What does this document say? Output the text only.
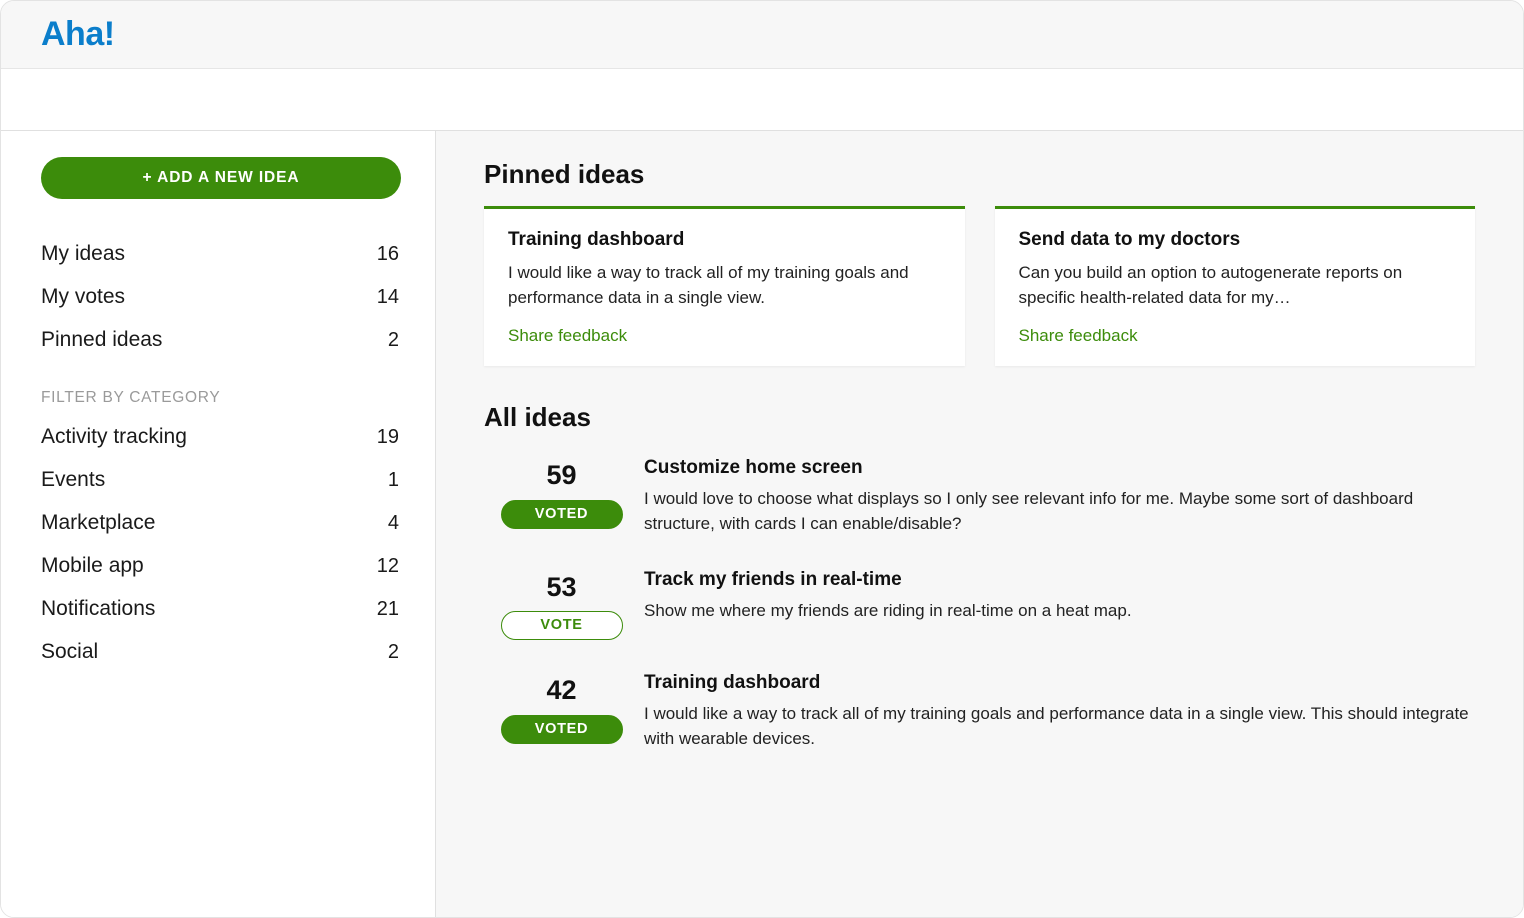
Aha!
+ ADD A NEW IDEA
My ideas	16
My votes	14
Pinned ideas	2
FILTER BY CATEGORY
Activity tracking	19
Events	1
Marketplace	4
Mobile app	12
Notifications	21
Social	2
Pinned ideas
Training dashboard
I would like a way to track all of my training goals and performance data in a single view.
Share feedback
Send data to my doctors
Can you build an option to autogenerate reports on specific health-related data for my…
Share feedback
All ideas
59
VOTED
Customize home screen
I would love to choose what displays so I only see relevant info for me. Maybe some sort of dashboard structure, with cards I can enable/disable?
53
VOTE
Track my friends in real-time
Show me where my friends are riding in real-time on a heat map.
42
VOTED
Training dashboard
I would like a way to track all of my training goals and performance data in a single view. This should integrate with wearable devices.
